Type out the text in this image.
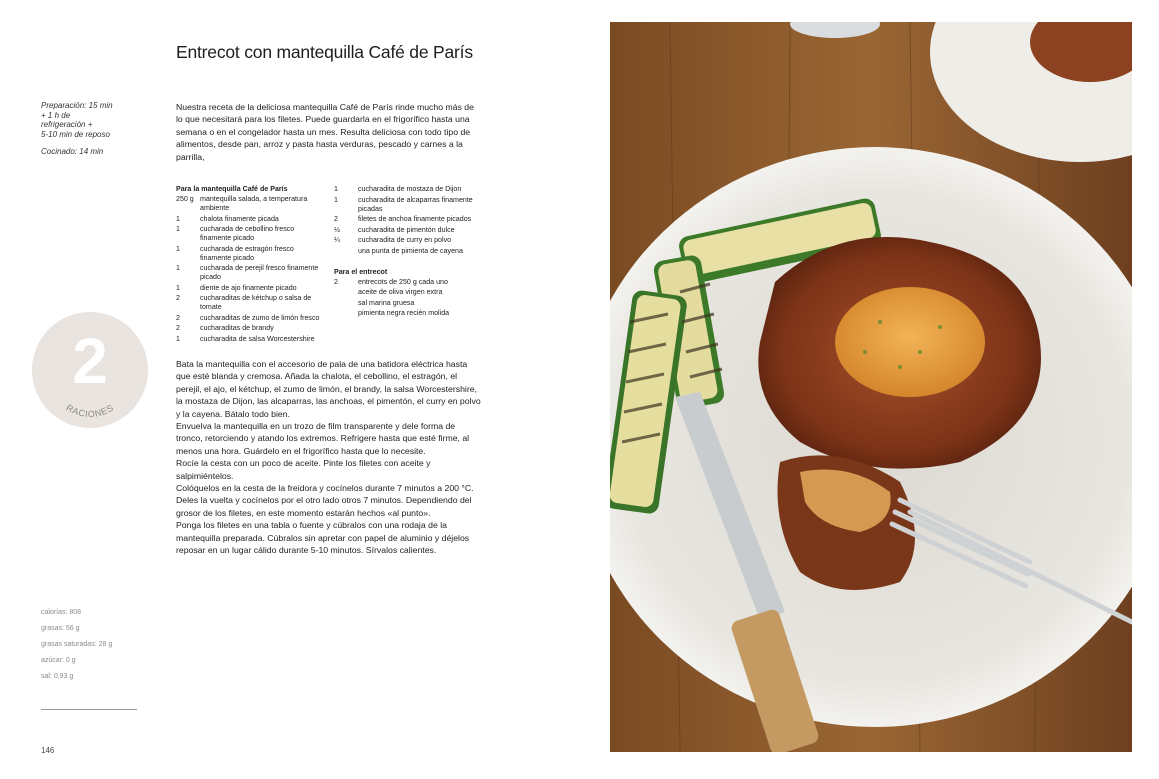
Preparación: 15 min
+ 1 h de
refrigeración +
5-10 min de reposo
Cocinado: 14 min
Entrecot con mantequilla Café de París

Nuestra receta de la deliciosa mantequilla Café de París rinde mucho más de lo que necesitará para los filetes. Puede guardarla en el frigorífico hasta una semana o en el congelador hasta un mes. Resulta deliciosa con todo tipo de alimentos, desde pan, arroz y pasta hasta verduras, pescado y carnes a la parrilla,

Para la mantequilla Café de París
250 g mantequilla salada, a temperatura ambiente
1	chalota finamente picada
1	cucharada de cebollino fresco finamente picado
1	cucharada de estragón fresco finamente picado
1	cucharada de perejil fresco finamente picado
1	diente de ajo finamente picado
2	cucharaditas de kétchup o salsa de tomate
2	cucharaditas de zumo de limón fresco
2	cucharaditas de brandy
1	cucharadita de salsa Worcestershire
1	cucharadita de mostaza de Dijon
1	cucharadita de alcaparras finamente picadas
2	filetes de anchoa finamente picados
½	cucharadita de pimentón dulce
¼	cucharadita de curry en polvo
una punta de pimienta de cayena
Para el entrecot
2	entrecots de 250 g cada uno
aceite de oliva virgen extra
sal marina gruesa
pimienta negra recién molida

Bata la mantequilla con el accesorio de pala de una batidora eléctrica hasta que esté blanda y cremosa. Añada la chalota, el cebollino, el estragón, el perejil, el ajo, el kétchup, el zumo de limón, el brandy, la salsa Worcestershire, la mostaza de Dijon, las alcaparras, las anchoas, el pimentón, el curry en polvo y la cayena. Bátalo todo bien.

Envuelva la mantequilla en un trozo de film transparente y dele forma de tronco, retorciendo y atando los extremos. Refrigere hasta que esté firme, al menos una hora. Guárdelo en el frigorífico hasta que lo necesite.

Rocíe la cesta con un poco de aceite. Pinte los filetes con aceite y salpimiéntelos.

Colóquelos en la cesta de la freidora y cocínelos durante 7 minutos a 200 °C. Deles la vuelta y cocínelos por el otro lado otros 7 minutos. Dependiendo del grosor de los filetes, en este momento estarán hechos «al punto».

Ponga los filetes en una tabla o fuente y cúbralos con una rodaja de la mantequilla preparada. Cúbralos sin apretar con papel de aluminio y déjelos reposar en un lugar cálido durante 5-10 minutos. Sírvalos calientes.

2
RACIONES
calorías: 808
grasas: 56 g
grasas saturadas: 28 g
azúcar: 0 g
sal: 0,93 g
146
